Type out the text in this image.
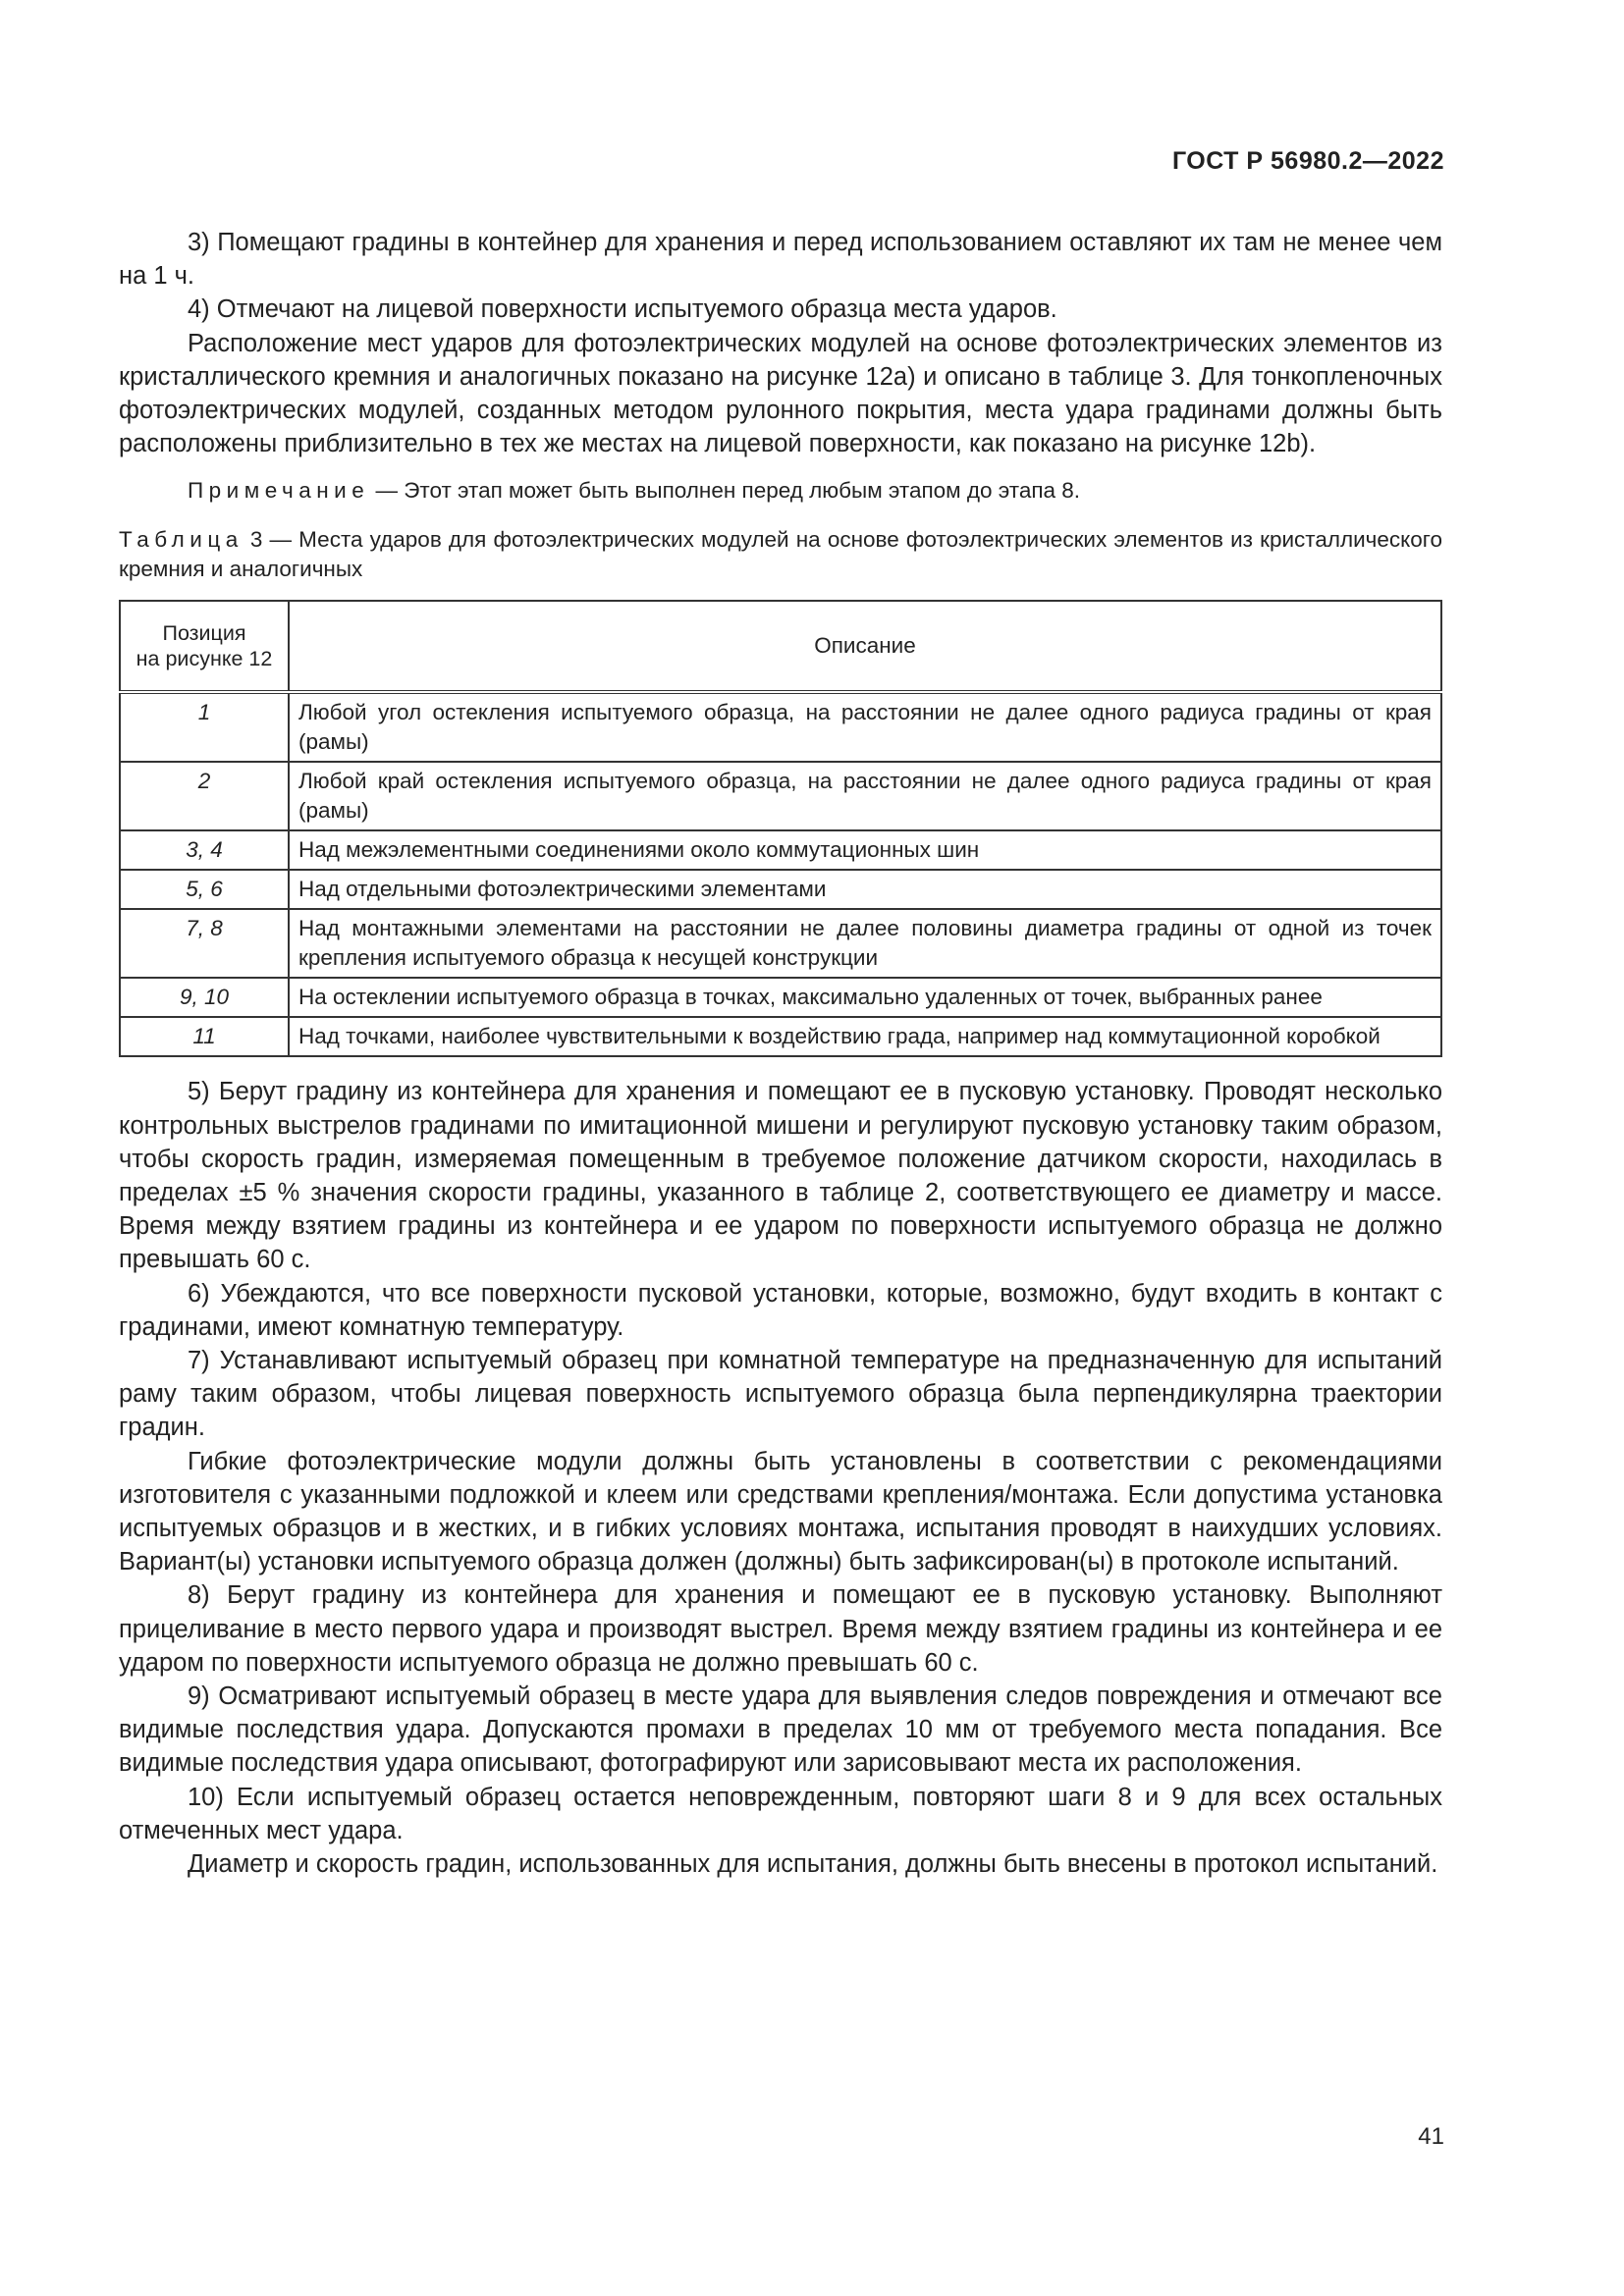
ГОСТ Р 56980.2—2022

3) Помещают градины в контейнер для хранения и перед использованием оставляют их там не менее чем на 1 ч.

4) Отмечают на лицевой поверхности испытуемого образца места ударов.

Расположение мест ударов для фотоэлектрических модулей на основе фотоэлектрических элементов из кристаллического кремния и аналогичных показано на рисунке 12а) и описано в таблице 3. Для тонкопленочных фотоэлектрических модулей, созданных методом рулонного покрытия, места удара градинами должны быть расположены приблизительно в тех же местах на лицевой поверхности, как показано на рисунке 12b).

Примечание — Этот этап может быть выполнен перед любым этапом до этапа 8.

Таблица 3 — Места ударов для фотоэлектрических модулей на основе фотоэлектрических элементов из кристаллического кремния и аналогичных
Позиция
на рисунке 12	Описание
1	Любой угол остекления испытуемого образца, на расстоянии не далее одного радиуса градины от края (рамы)
2	Любой край остекления испытуемого образца, на расстоянии не далее одного радиуса градины от края (рамы)
3, 4	Над межэлементными соединениями около коммутационных шин
5, 6	Над отдельными фотоэлектрическими элементами
7, 8	Над монтажными элементами на расстоянии не далее половины диаметра градины от одной из точек крепления испытуемого образца к несущей конструкции
9, 10	На остеклении испытуемого образца в точках, максимально удаленных от точек, выбранных ранее
11	Над точками, наиболее чувствительными к воздействию града, например над коммутационной коробкой

5) Берут градину из контейнера для хранения и помещают ее в пусковую установку. Проводят несколько контрольных выстрелов градинами по имитационной мишени и регулируют пусковую установку таким образом, чтобы скорость градин, измеряемая помещенным в требуемое положение датчиком скорости, находилась в пределах ±5 % значения скорости градины, указанного в таблице 2, соответствующего ее диаметру и массе. Время между взятием градины из контейнера и ее ударом по поверхности испытуемого образца не должно превышать 60 с.

6) Убеждаются, что все поверхности пусковой установки, которые, возможно, будут входить в контакт с градинами, имеют комнатную температуру.

7) Устанавливают испытуемый образец при комнатной температуре на предназначенную для испытаний раму таким образом, чтобы лицевая поверхность испытуемого образца была перпендикулярна траектории градин.

Гибкие фотоэлектрические модули должны быть установлены в соответствии с рекомендациями изготовителя с указанными подложкой и клеем или средствами крепления/монтажа. Если допустима установка испытуемых образцов и в жестких, и в гибких условиях монтажа, испытания проводят в наихудших условиях. Вариант(ы) установки испытуемого образца должен (должны) быть зафиксирован(ы) в протоколе испытаний.

8) Берут градину из контейнера для хранения и помещают ее в пусковую установку. Выполняют прицеливание в место первого удара и производят выстрел. Время между взятием градины из контейнера и ее ударом по поверхности испытуемого образца не должно превышать 60 с.

9) Осматривают испытуемый образец в месте удара для выявления следов повреждения и отмечают все видимые последствия удара. Допускаются промахи в пределах 10 мм от требуемого места попадания. Все видимые последствия удара описывают, фотографируют или зарисовывают места их расположения.

10) Если испытуемый образец остается неповрежденным, повторяют шаги 8 и 9 для всех остальных отмеченных мест удара.

Диаметр и скорость градин, использованных для испытания, должны быть внесены в протокол испытаний.

41
